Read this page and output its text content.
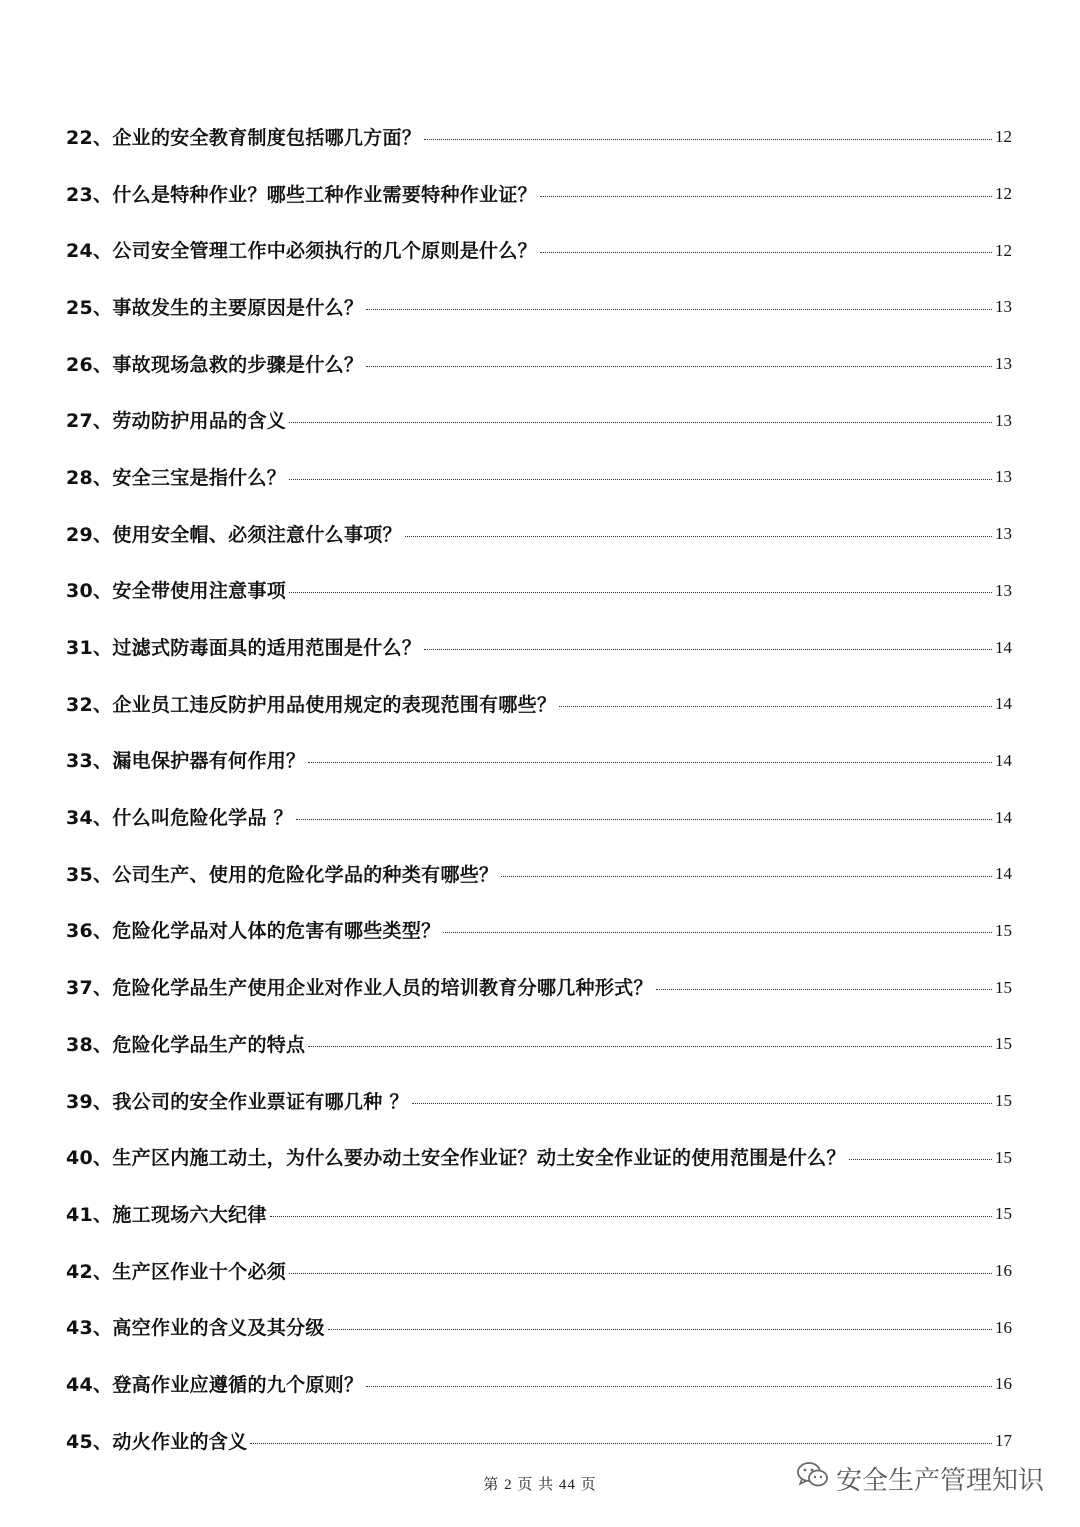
22、企业的安全教育制度包括哪几方面？	12
23、什么是特种作业？哪些工种作业需要特种作业证？	12
24、公司安全管理工作中必须执行的几个原则是什么？	12
25、事故发生的主要原因是什么？	13
26、事故现场急救的步骤是什么？	13
27、劳动防护用品的含义	13
28、安全三宝是指什么？	13
29、使用安全帽、必须注意什么事项？	13
30、安全带使用注意事项	13
31、过滤式防毒面具的适用范围是什么？	14
32、企业员工违反防护用品使用规定的表现范围有哪些？	14
33、漏电保护器有何作用？	14
34、什么叫危险化学品 ？	14
35、公司生产、使用的危险化学品的种类有哪些？	14
36、危险化学品对人体的危害有哪些类型？	15
37、危险化学品生产使用企业对作业人员的培训教育分哪几种形式？	15
38、危险化学品生产的特点	15
39、我公司的安全作业票证有哪几种 ？	15
40、生产区内施工动土，为什么要办动土安全作业证？动土安全作业证的使用范围是什么？	15
41、施工现场六大纪律	15
42、生产区作业十个必须	16
43、高空作业的含义及其分级	16
44、登高作业应遵循的九个原则？	16
45、动火作业的含义	17
第 2 页 共 44 页	安全生产管理知识
